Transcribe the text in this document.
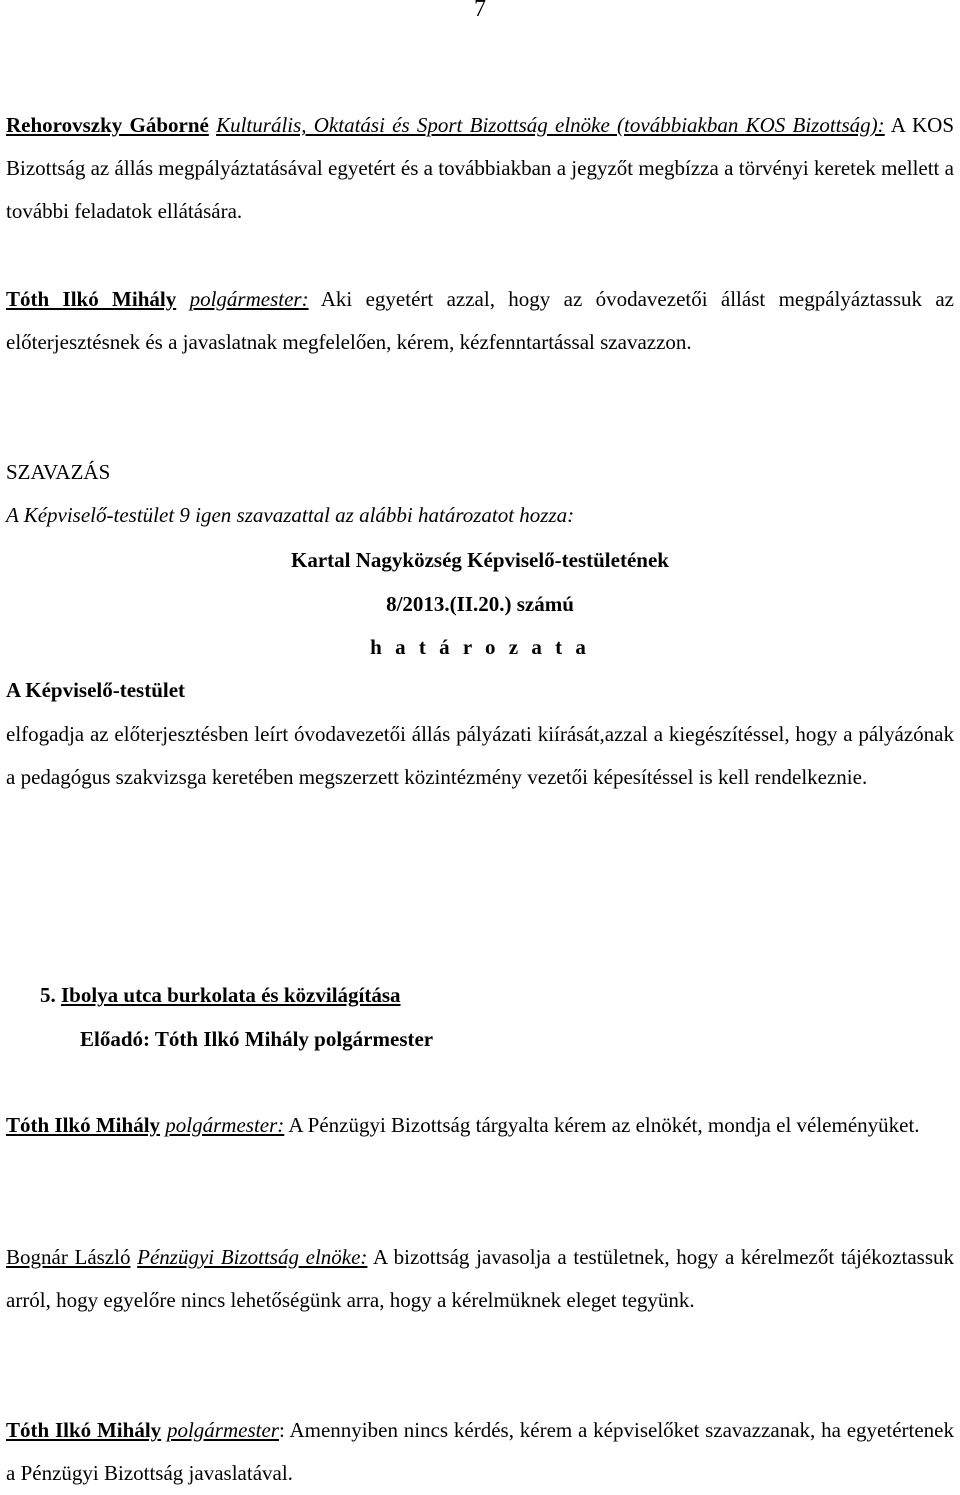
7
Rehorovszky Gáborné Kulturális, Oktatási és Sport Bizottság elnöke (továbbiakban KOS Bizottság): A KOS Bizottság az állás megpályáztatásával egyetért és a továbbiakban a jegyzőt megbízza a törvényi keretek mellett a további feladatok ellátására.
Tóth Ilkó Mihály polgármester: Aki egyetért azzal, hogy az óvodavezetői állást megpályáztassuk az előterjesztésnek és a javaslatnak megfelelően, kérem, kézfenntartással szavazzon.
SZAVAZÁS
A Képviselő-testület 9 igen szavazattal az alábbi határozatot hozza:
Kartal Nagyközség Képviselő-testületének
8/2013.(II.20.) számú
h a t á r o z a t a
A Képviselő-testület
elfogadja az előterjesztésben leírt óvodavezetői állás pályázati kiírását,azzal a kiegészítéssel, hogy a pályázónak a pedagógus szakvizsga keretében megszerzett közintézmény vezetői képesítéssel is kell rendelkeznie.
5. Ibolya utca burkolata és közvilágítása
Előadó: Tóth Ilkó Mihály polgármester
Tóth Ilkó Mihály polgármester: A Pénzügyi Bizottság tárgyalta kérem az elnökét, mondja el véleményüket.
Bognár László Pénzügyi Bizottság elnöke: A bizottság javasolja a testületnek, hogy a kérelmezőt tájékoztassuk arról, hogy egyelőre nincs lehetőségünk arra, hogy a kérelmüknek eleget tegyünk.
Tóth Ilkó Mihály polgármester: Amennyiben nincs kérdés, kérem a képviselőket szavazzanak, ha egyetértenek a Pénzügyi Bizottság javaslatával.
